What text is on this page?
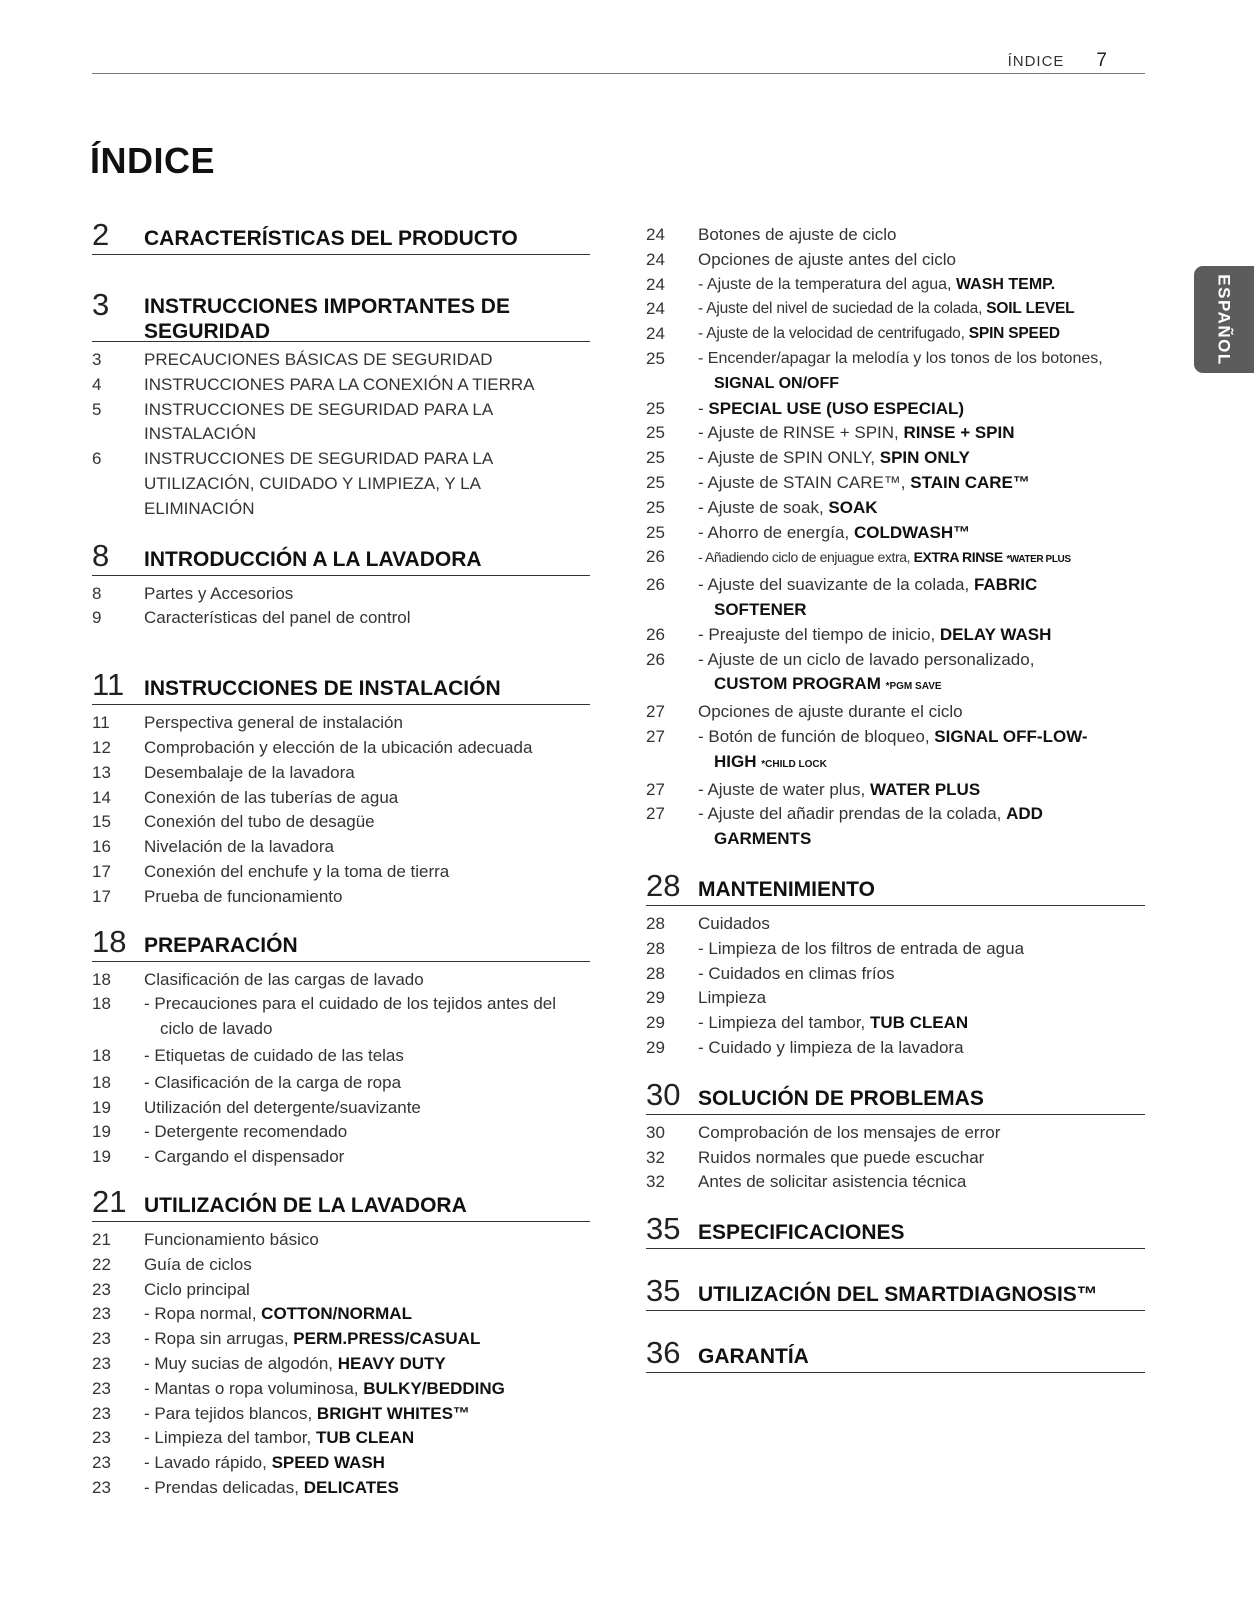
ÍNDICE 7
ESPAÑOL
ÍNDICE
2	CARACTERÍSTICAS DEL PRODUCTO
3	INSTRUCCIONES IMPORTANTES DE SEGURIDAD
3	PRECAUCIONES BÁSICAS DE SEGURIDAD
4	INSTRUCCIONES PARA LA CONEXIÓN A TIERRA
5	INSTRUCCIONES DE SEGURIDAD PARA LA INSTALACIÓN
6	INSTRUCCIONES DE SEGURIDAD PARA LA UTILIZACIÓN, CUIDADO Y LIMPIEZA, Y LA ELIMINACIÓN
8	INTRODUCCIÓN A LA LAVADORA
8	Partes y Accesorios
9	Características del panel de control
11 INSTRUCCIONES DE INSTALACIÓN
11	Perspectiva general de instalación
12	Comprobación y elección de la ubicación adecuada
13	Desembalaje de la lavadora
14	Conexión de las tuberías de agua
15	Conexión del tubo de desagüe
16	Nivelación de la lavadora
17	Conexión del enchufe y la toma de tierra
17	Prueba de funcionamiento
18 PREPARACIÓN
18	Clasificación de las cargas de lavado
18	- Precauciones para el cuidado de los tejidos antes del ciclo de lavado
18	- Etiquetas de cuidado de las telas
18	- Clasificación de la carga de ropa
19	Utilización del detergente/suavizante
19	- Detergente recomendado
19	- Cargando el dispensador
21 UTILIZACIÓN DE LA LAVADORA
21	Funcionamiento básico
22	Guía de ciclos
23	Ciclo principal
23	- Ropa normal, COTTON/NORMAL
23	- Ropa sin arrugas, PERM.PRESS/CASUAL
23	- Muy sucias de algodón, HEAVY DUTY
23	- Mantas o ropa voluminosa, BULKY/BEDDING
23	- Para tejidos blancos, BRIGHT WHITES™
23	- Limpieza del tambor, TUB CLEAN
23	- Lavado rápido, SPEED WASH
23	- Prendas delicadas, DELICATES
24	Botones de ajuste de ciclo
24	Opciones de ajuste antes del ciclo
24	- Ajuste de la temperatura del agua, WASH TEMP.
24	- Ajuste del nivel de suciedad de la colada, SOIL LEVEL
24	- Ajuste de la velocidad de centrifugado, SPIN SPEED
25	- Encender/apagar la melodía y los tonos de los botones, SIGNAL ON/OFF
25	- SPECIAL USE (USO ESPECIAL)
25	- Ajuste de RINSE + SPIN, RINSE + SPIN
25	- Ajuste de SPIN ONLY, SPIN ONLY
25	- Ajuste de STAIN CARE™, STAIN CARE™
25	- Ajuste de soak, SOAK
25	- Ahorro de energía, COLDWASH™
26	- Añadiendo ciclo de enjuague extra, EXTRA RINSE *WATER PLUS
26	- Ajuste del suavizante de la colada, FABRIC SOFTENER
26	- Preajuste del tiempo de inicio, DELAY WASH
26	- Ajuste de un ciclo de lavado personalizado, CUSTOM PROGRAM *PGM SAVE
27	Opciones de ajuste durante el ciclo
27	- Botón de función de bloqueo, SIGNAL OFF-LOW-HIGH *CHILD LOCK
27	- Ajuste de water plus, WATER PLUS
27	- Ajuste del añadir prendas de la colada, ADD GARMENTS
28 MANTENIMIENTO
28	Cuidados
28	- Limpieza de los filtros de entrada de agua
28	- Cuidados en climas fríos
29	Limpieza
29	- Limpieza del tambor, TUB CLEAN
29	- Cuidado y limpieza de la lavadora
30 SOLUCIÓN DE PROBLEMAS
30	Comprobación de los mensajes de error
32	Ruidos normales que puede escuchar
32	Antes de solicitar asistencia técnica
35 ESPECIFICACIONES
35 UTILIZACIÓN DEL SMARTDIAGNOSIS™
36 GARANTÍA
